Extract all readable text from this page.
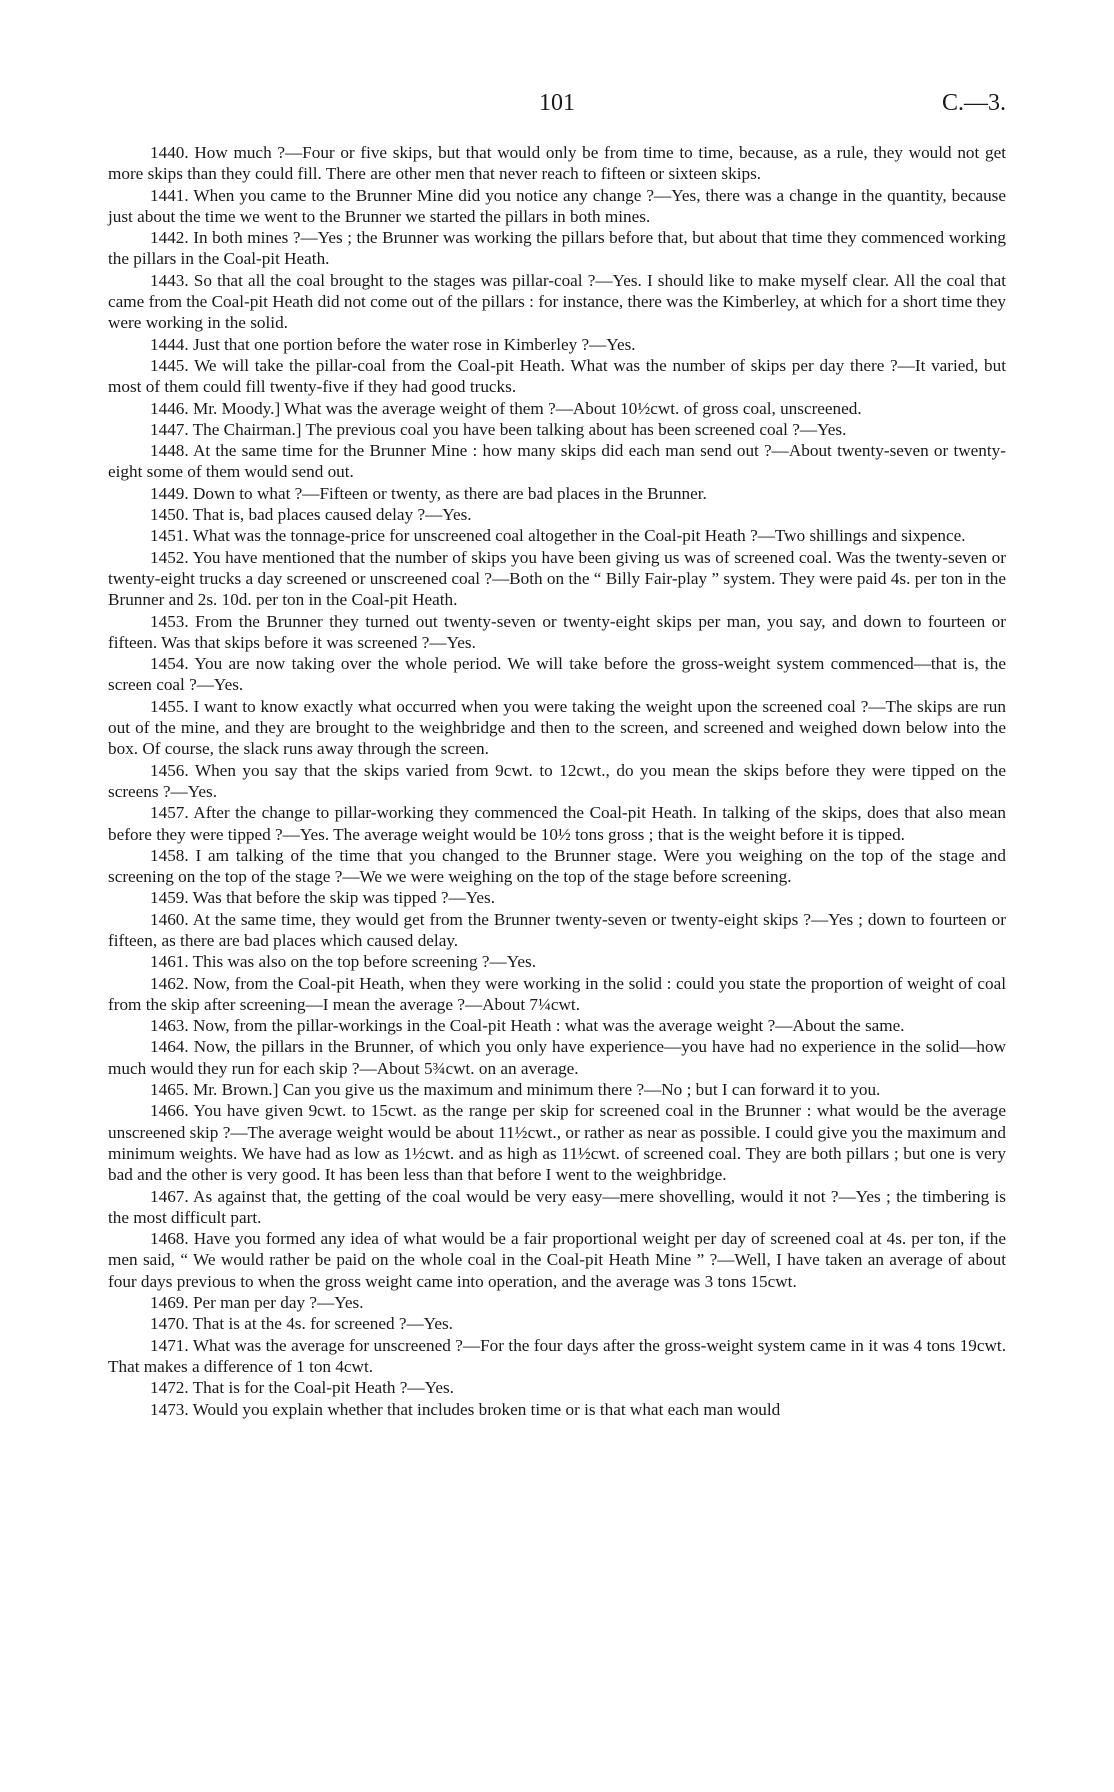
101	C.—3.

1440. How much ?—Four or five skips, but that would only be from time to time, because, as a rule, they would not get more skips than they could fill. There are other men that never reach to fifteen or sixteen skips.

1441. When you came to the Brunner Mine did you notice any change ?—Yes, there was a change in the quantity, because just about the time we went to the Brunner we started the pillars in both mines.

1442. In both mines ?—Yes ; the Brunner was working the pillars before that, but about that time they commenced working the pillars in the Coal-pit Heath.

1443. So that all the coal brought to the stages was pillar-coal ?—Yes. I should like to make myself clear. All the coal that came from the Coal-pit Heath did not come out of the pillars : for instance, there was the Kimberley, at which for a short time they were working in the solid.

1444. Just that one portion before the water rose in Kimberley ?—Yes.

1445. We will take the pillar-coal from the Coal-pit Heath. What was the number of skips per day there ?—It varied, but most of them could fill twenty-five if they had good trucks.

1446. Mr. Moody.] What was the average weight of them ?—About 10½cwt. of gross coal, unscreened.

1447. The Chairman.] The previous coal you have been talking about has been screened coal ?—Yes.

1448. At the same time for the Brunner Mine : how many skips did each man send out ?—About twenty-seven or twenty-eight some of them would send out.

1449. Down to what ?—Fifteen or twenty, as there are bad places in the Brunner.

1450. That is, bad places caused delay ?—Yes.

1451. What was the tonnage-price for unscreened coal altogether in the Coal-pit Heath ?—Two shillings and sixpence.

1452. You have mentioned that the number of skips you have been giving us was of screened coal. Was the twenty-seven or twenty-eight trucks a day screened or unscreened coal ?—Both on the “ Billy Fair-play ” system. They were paid 4s. per ton in the Brunner and 2s. 10d. per ton in the Coal-pit Heath.

1453. From the Brunner they turned out twenty-seven or twenty-eight skips per man, you say, and down to fourteen or fifteen. Was that skips before it was screened ?—Yes.

1454. You are now taking over the whole period. We will take before the gross-weight system commenced—that is, the screen coal ?—Yes.

1455. I want to know exactly what occurred when you were taking the weight upon the screened coal ?—The skips are run out of the mine, and they are brought to the weighbridge and then to the screen, and screened and weighed down below into the box. Of course, the slack runs away through the screen.

1456. When you say that the skips varied from 9cwt. to 12cwt., do you mean the skips before they were tipped on the screens ?—Yes.

1457. After the change to pillar-working they commenced the Coal-pit Heath. In talking of the skips, does that also mean before they were tipped ?—Yes. The average weight would be 10½ tons gross ; that is the weight before it is tipped.

1458. I am talking of the time that you changed to the Brunner stage. Were you weighing on the top of the stage and screening on the top of the stage ?—We we were weighing on the top of the stage before screening.

1459. Was that before the skip was tipped ?—Yes.

1460. At the same time, they would get from the Brunner twenty-seven or twenty-eight skips ?—Yes ; down to fourteen or fifteen, as there are bad places which caused delay.

1461. This was also on the top before screening ?—Yes.

1462. Now, from the Coal-pit Heath, when they were working in the solid : could you state the proportion of weight of coal from the skip after screening—I mean the average ?—About 7¼cwt.

1463. Now, from the pillar-workings in the Coal-pit Heath : what was the average weight ?—About the same.

1464. Now, the pillars in the Brunner, of which you only have experience—you have had no experience in the solid—how much would they run for each skip ?—About 5¾cwt. on an average.

1465. Mr. Brown.] Can you give us the maximum and minimum there ?—No ; but I can forward it to you.

1466. You have given 9cwt. to 15cwt. as the range per skip for screened coal in the Brunner : what would be the average unscreened skip ?—The average weight would be about 11½cwt., or rather as near as possible. I could give you the maximum and minimum weights. We have had as low as 1½cwt. and as high as 11½cwt. of screened coal. They are both pillars ; but one is very bad and the other is very good. It has been less than that before I went to the weighbridge.

1467. As against that, the getting of the coal would be very easy—mere shovelling, would it not ?—Yes ; the timbering is the most difficult part.

1468. Have you formed any idea of what would be a fair proportional weight per day of screened coal at 4s. per ton, if the men said, “ We would rather be paid on the whole coal in the Coal-pit Heath Mine ” ?—Well, I have taken an average of about four days previous to when the gross weight came into operation, and the average was 3 tons 15cwt.

1469. Per man per day ?—Yes.

1470. That is at the 4s. for screened ?—Yes.

1471. What was the average for unscreened ?—For the four days after the gross-weight system came in it was 4 tons 19cwt. That makes a difference of 1 ton 4cwt.

1472. That is for the Coal-pit Heath ?—Yes.

1473. Would you explain whether that includes broken time or is that what each man would
